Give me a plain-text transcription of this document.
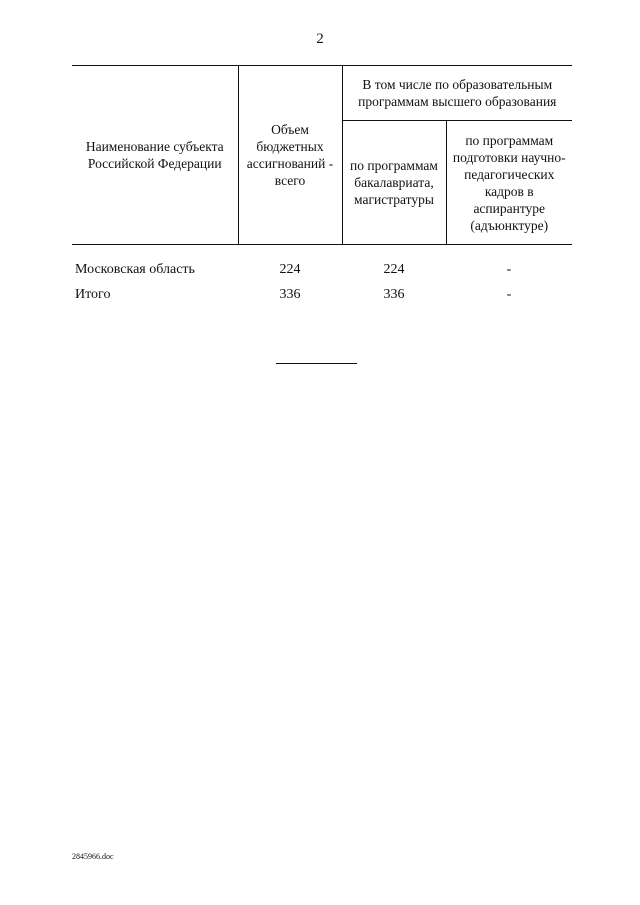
2
Наименование субъекта Российской Федерации	Объем бюджетных ассигнований - всего	В том числе по образовательным программам высшего образования	
		по программам бакалавриата, магистратуры	по программам подготовки научно-педагогических кадров в аспирантуре (адъюнктуре)
Московская область	224	224	-
Итого	336	336	-
2845966.doc
